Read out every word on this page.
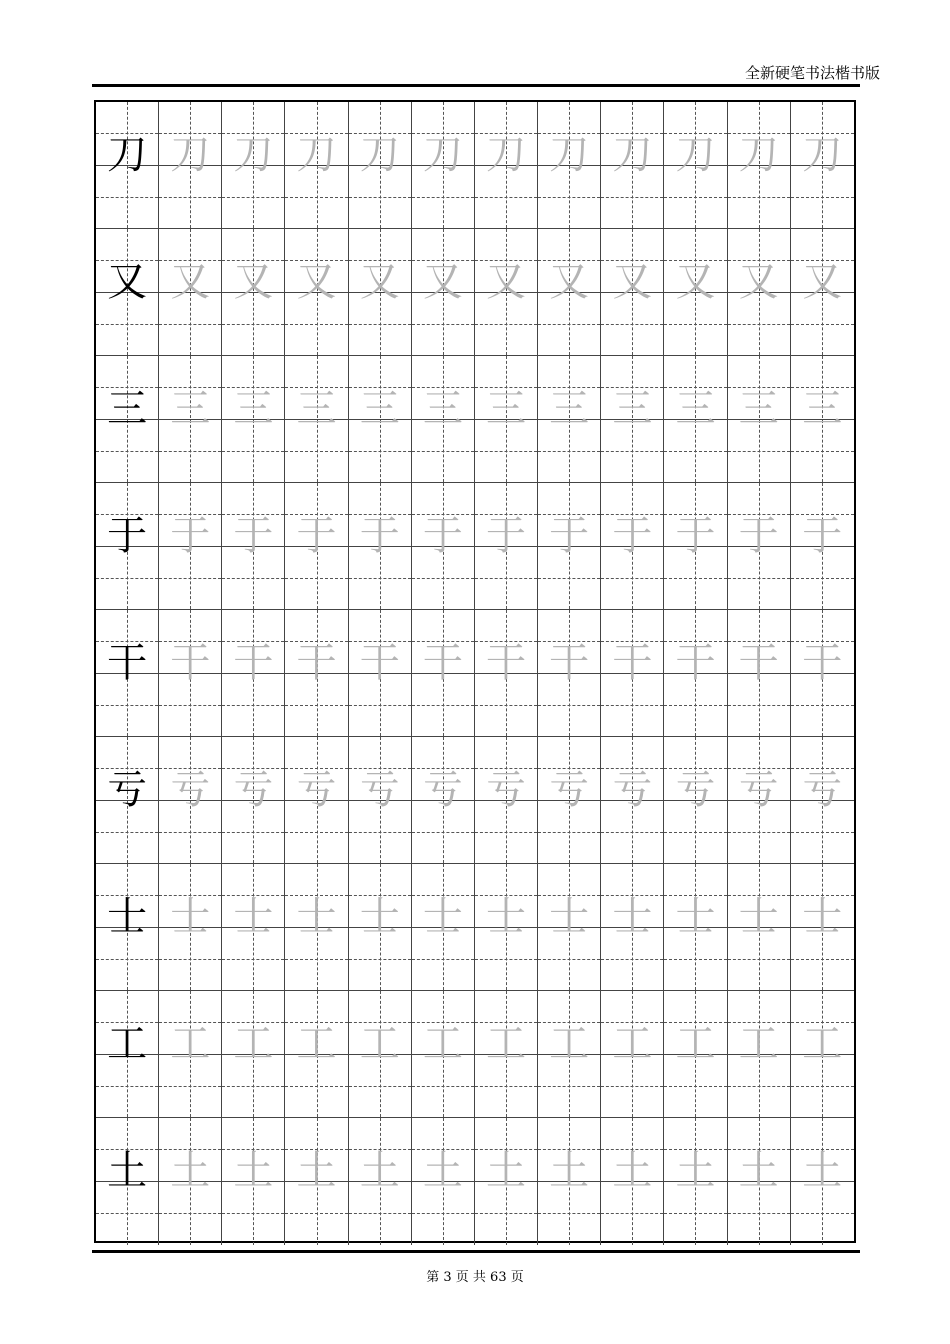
全新硬笔书法楷书版
刀 刀 刀 刀 刀 刀 刀 刀 刀 刀 刀 刀
又 又 又 又 又 又 又 又 又 又 又 又
三 三 三 三 三 三 三 三 三 三 三 三
于 于 于 于 于 于 于 于 于 于 于 于
干 干 干 干 干 干 干 干 干 干 干 干
亏 亏 亏 亏 亏 亏 亏 亏 亏 亏 亏 亏
士 士 士 士 士 士 士 士 士 士 士 士
工 工 工 工 工 工 工 工 工 工 工 工
土 土 土 土 土 土 土 土 土 土 土 土
第 3 页 共 63 页
